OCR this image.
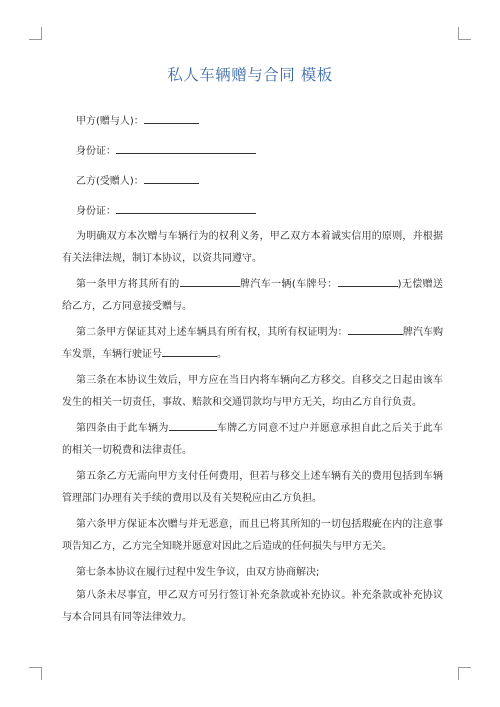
私人车辆赠与合同 模板
甲方(赠与人)：
身份证：
乙方(受赠人)：
身份证：

为明确双方本次赠与车辆行为的权利义务，甲乙双方本着诚实信用的原则，并根据有关法律法规，制订本协议，以资共同遵守。

第一条甲方将其所有的	牌汽车一辆(车牌号：	)无偿赠送给乙方，乙方同意接受赠与。

第二条甲方保证其对上述车辆具有所有权，其所有权证明为：	牌汽车购车发票，车辆行驶证号	。

第三条在本协议生效后，甲方应在当日内将车辆向乙方移交。自移交之日起由该车发生的相关一切责任，事故、赔款和交通罚款均与甲方无关，均由乙方自行负责。

第四条由于此车辆为	车牌乙方同意不过户并愿意承担自此之后关于此车的相关一切税费和法律责任。

第五条乙方无需向甲方支付任何费用，但若与移交上述车辆有关的费用包括到车辆管理部门办理有关手续的费用以及有关契税应由乙方负担。

第六条甲方保证本次赠与并无恶意，而且已将其所知的一切包括瑕疵在内的注意事项告知乙方，乙方完全知晓并愿意对因此之后造成的任何损失与甲方无关。

第七条本协议在履行过程中发生争议，由双方协商解决;

第八条未尽事宜，甲乙双方可另行签订补充条款或补充协议。补充条款或补充协议与本合同具有同等法律效力。
